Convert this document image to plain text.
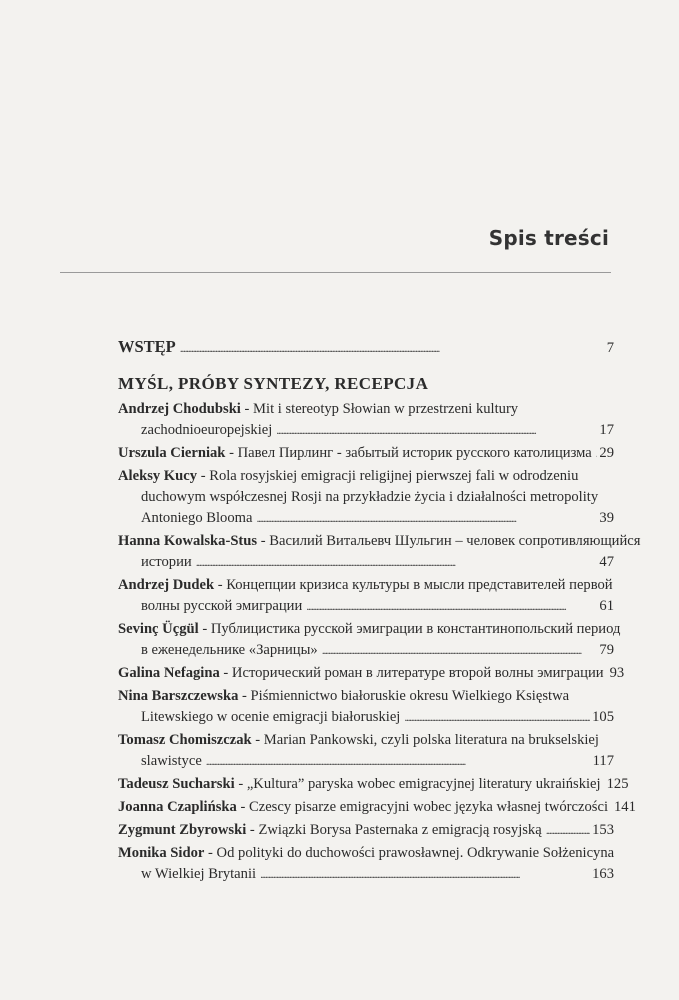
Spis treści
WSTĘP . . .	7
MYŚL, PRÓBY SYNTEZY, RECEPCJA
Andrzej Chodubski - Mit i stereotyp Słowian w przestrzeni kultury
zachodnioeuropejskiej . . .	17
Urszula Cierniak - Павел Пирлинг - забытый историк русского католицизма . . . 29
Aleksy Kucy - Rola rosyjskiej emigracji religijnej pierwszej fali w odrodzeniu
duchowym współczesnej Rosji na przykładzie życia i działalności metropolity
Antoniego Blooma . . .	39
Hanna Kowalska-Stus - Василий Витальевч Шульгин – человек сопротивляющийся
истории . . .	47
Andrzej Dudek - Концепции кризиса культуры в мысли представителей первой
волны русской эмиграции . . .	61
Sevinç Üçgül - Публицистика русской эмиграции в константинопольский период
в еженедельнике «Зарницы» . . .	79
Galina Nefagina - Исторический роман в литературе второй волны эмиграции 93
Nina Barszczewska - Piśmiennictwo białoruskie okresu Wielkiego Księstwa
Litewskiego w ocenie emigracji białoruskiej . . .	105
Tomasz Chomiszczak - Marian Pankowski, czyli polska literatura na brukselskiej
slawistyce . . .	117
Tadeusz Sucharski - „Kultura” paryska wobec emigracyjnej literatury ukraińskiej 125
Joanna Czaplińska - Czescy pisarze emigracyjni wobec języka własnej twórczości 141
Zygmunt Zbyrowski - Związki Borysa Pasternaka z emigracją rosyjską . . .	153
Monika Sidor - Od polityki do duchowości prawosławnej. Odkrywanie Sołżenicyna
w Wielkiej Brytanii . . .	163
